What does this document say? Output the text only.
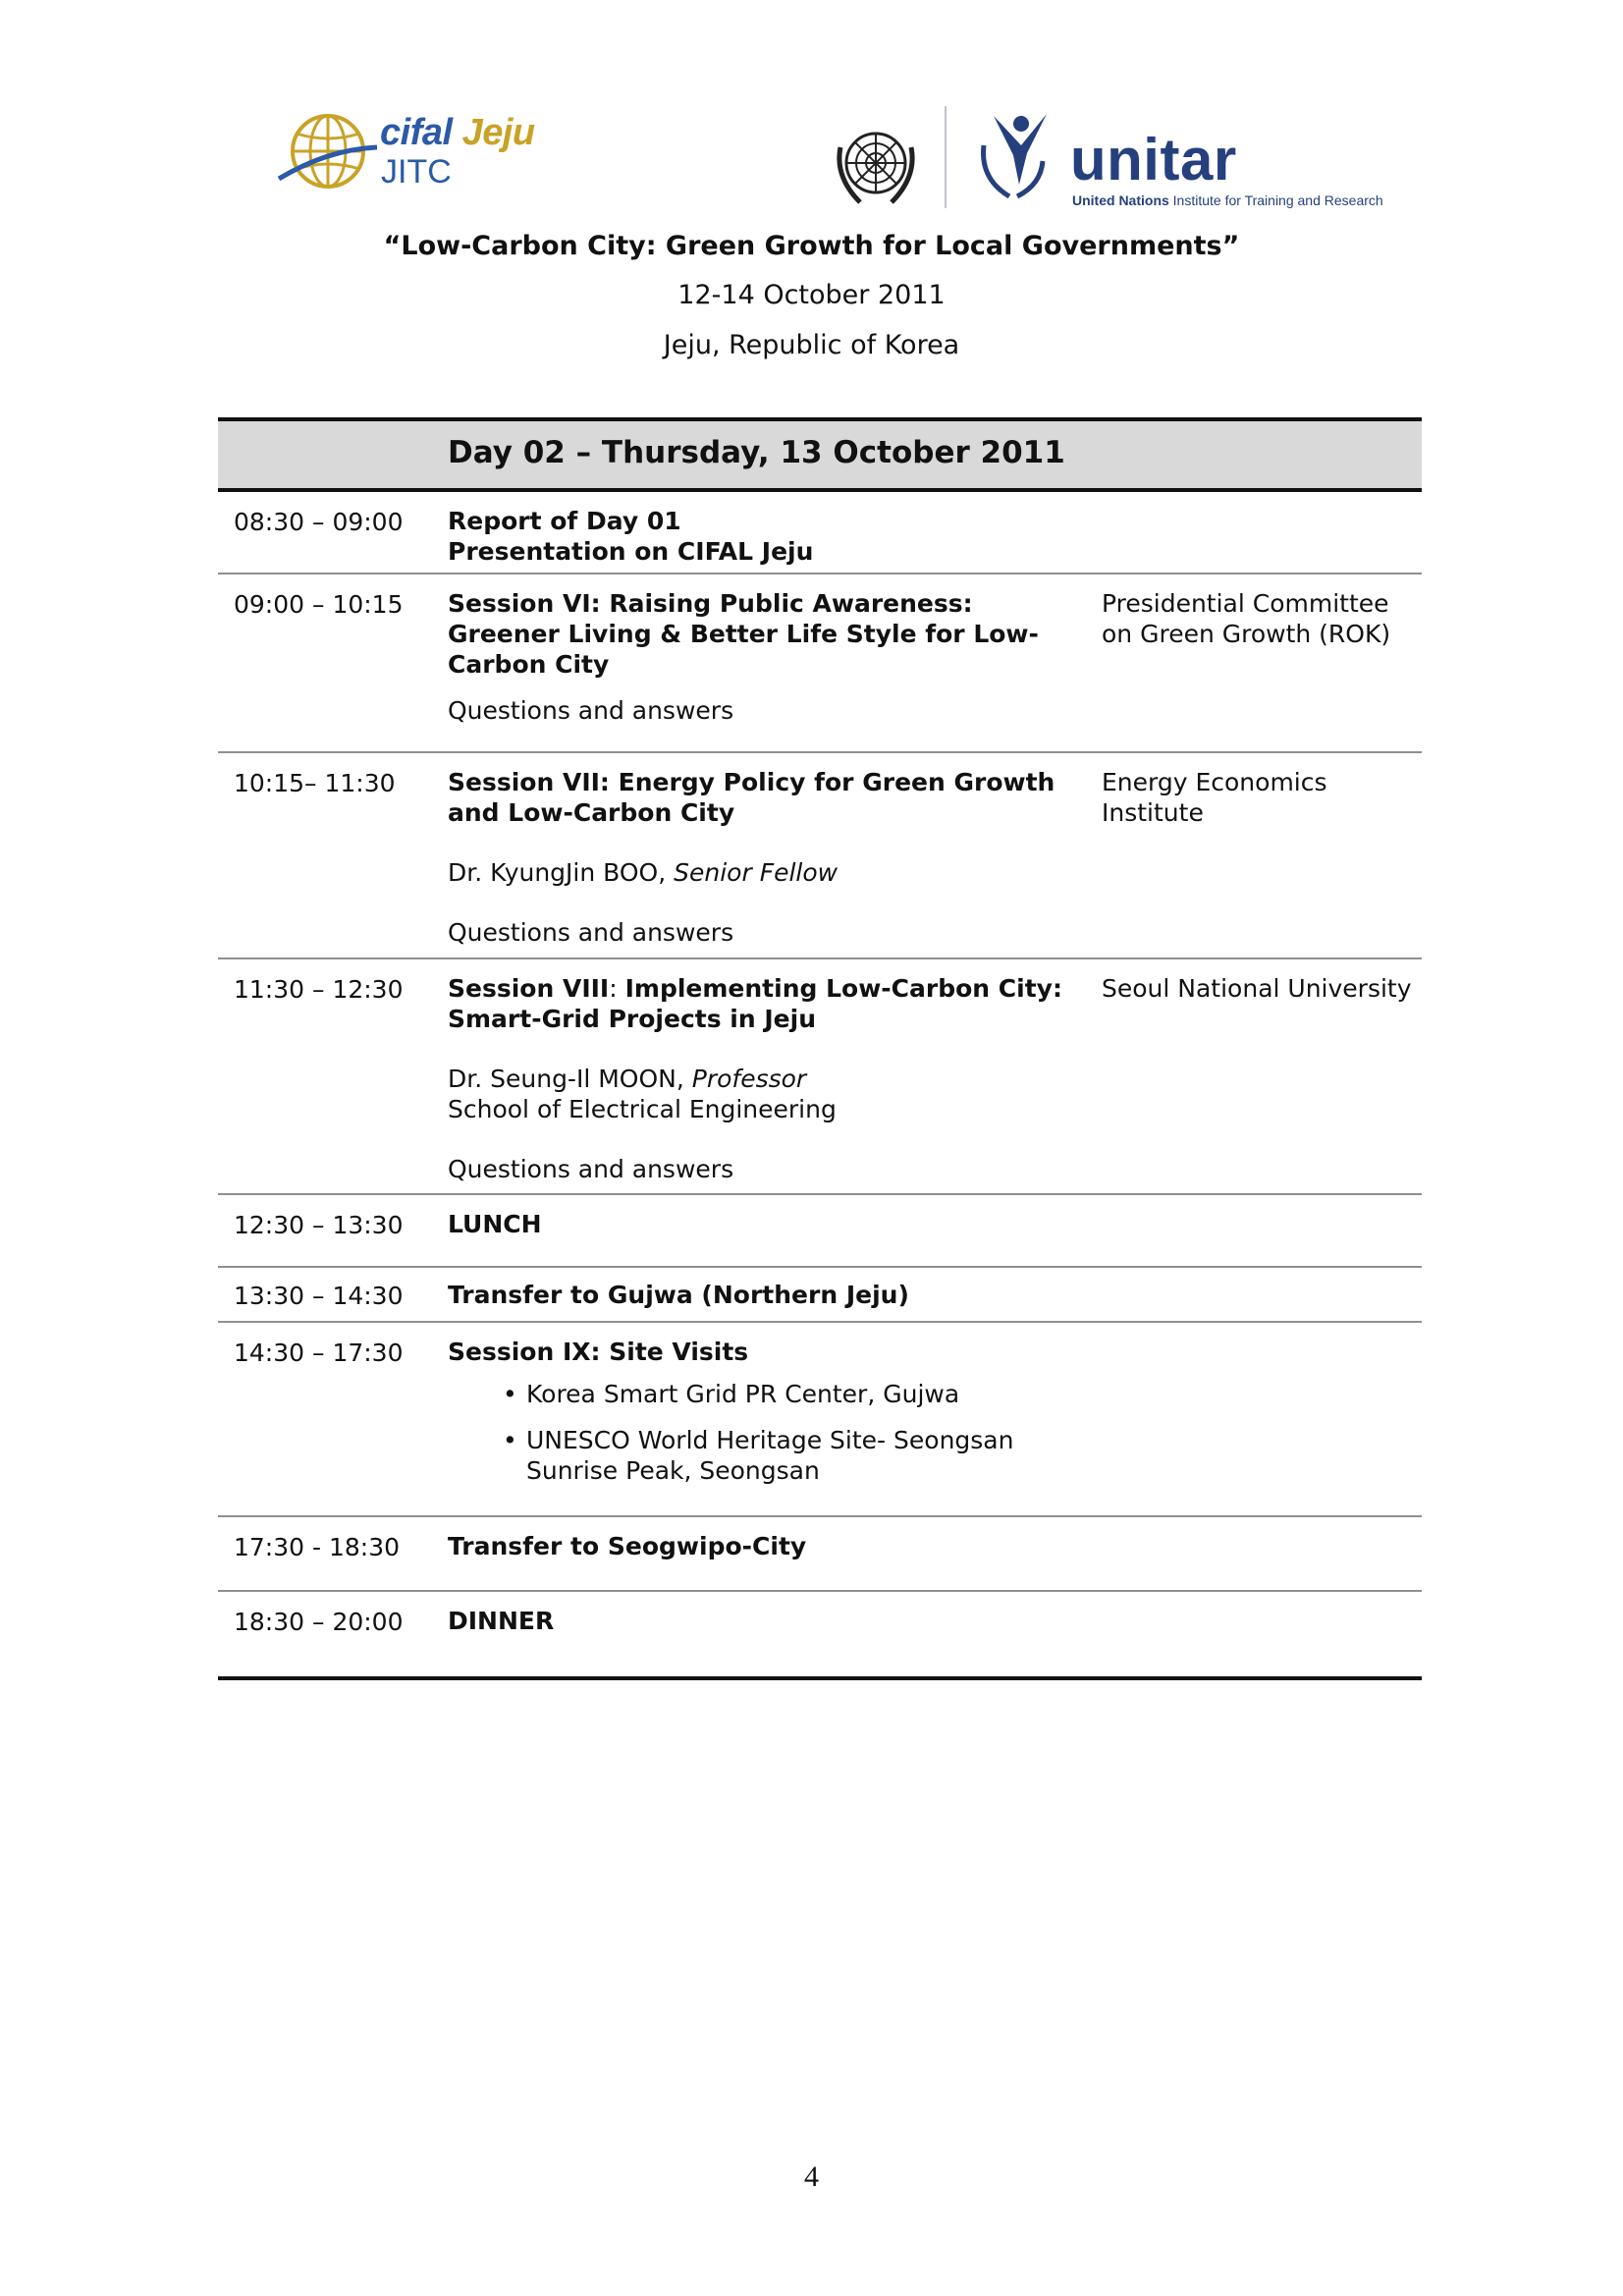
cifal Jeju
JITC	unitar
United Nations Institute for Training and Research
“Low-Carbon City: Green Growth for Local Governments”
12-14 October 2011
Jeju, Republic of Korea
Day 02 – Thursday, 13 October 2011
08:30 – 09:00 Report of Day 01
Presentation on CIFAL Jeju
09:00 – 10:15 Session VI: Raising Public Awareness: Greener Living & Better Life Style for Low-Carbon City
Questions and answers
Presidential Committee on Green Growth (ROK)
10:15– 11:30 Session VII: Energy Policy for Green Growth and Low-Carbon City
Dr. KyungJin BOO, Senior Fellow
Questions and answers
Energy Economics Institute
11:30 – 12:30 Session VIII: Implementing Low-Carbon City: Smart-Grid Projects in Jeju
Dr. Seung-Il MOON, Professor
School of Electrical Engineering
Questions and answers
Seoul National University
12:30 – 13:30 LUNCH
13:30 – 14:30 Transfer to Gujwa (Northern Jeju)
14:30 – 17:30 Session IX: Site Visits
• Korea Smart Grid PR Center, Gujwa
• UNESCO World Heritage Site- Seongsan Sunrise Peak, Seongsan
17:30 - 18:30 Transfer to Seogwipo-City
18:30 – 20:00 DINNER
4
